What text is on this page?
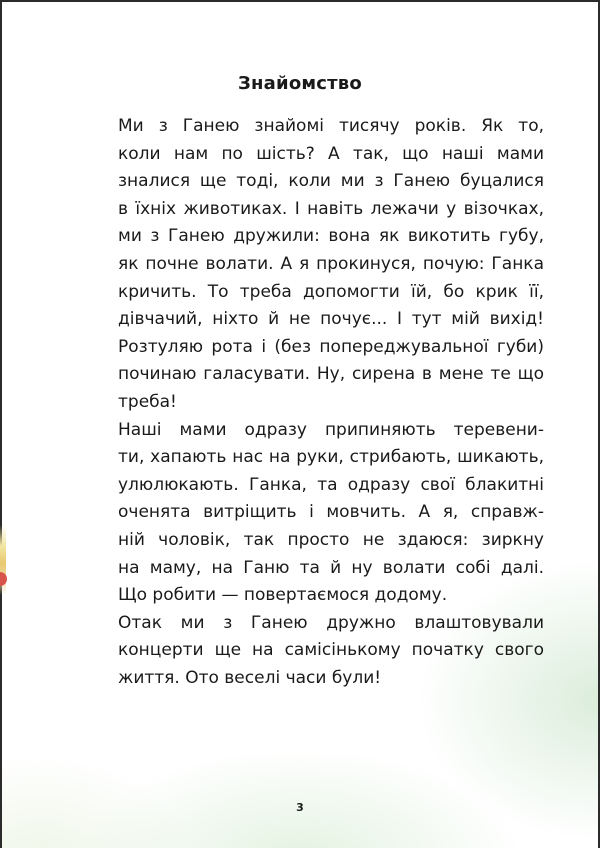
Знайомство

Ми з Ганею знайомі тисячу років. Як то,
коли нам по шість? А так, що наші мами
зналися ще тоді, коли ми з Ганею буцалися
в їхніх животиках. І навіть лежачи у візочках,
ми з Ганею дружили: вона як викотить губу,
як почне волати. А я прокинуся, почую: Ганка
кричить. То треба допомогти їй, бо крик її,
дівчачий, ніхто й не почує... І тут мій вихід!
Розтуляю рота і (без попереджувальної губи)
починаю галасувати. Ну, сирена в мене те що
треба!

Наші мами одразу припиняють теревени-
ти, хапають нас на руки, стрибають, шикають,
улюлюкають. Ганка, та одразу свої блакитні
оченята витріщить і мовчить. А я, справж-
ній чоловік, так просто не здаюся: зиркну
на маму, на Ганю та й ну волати собі далі.
Що робити — повертаємося додому.

Отак ми з Ганею дружно влаштовували
концерти ще на самісінькому початку свого
життя. Ото веселі часи були!

3
